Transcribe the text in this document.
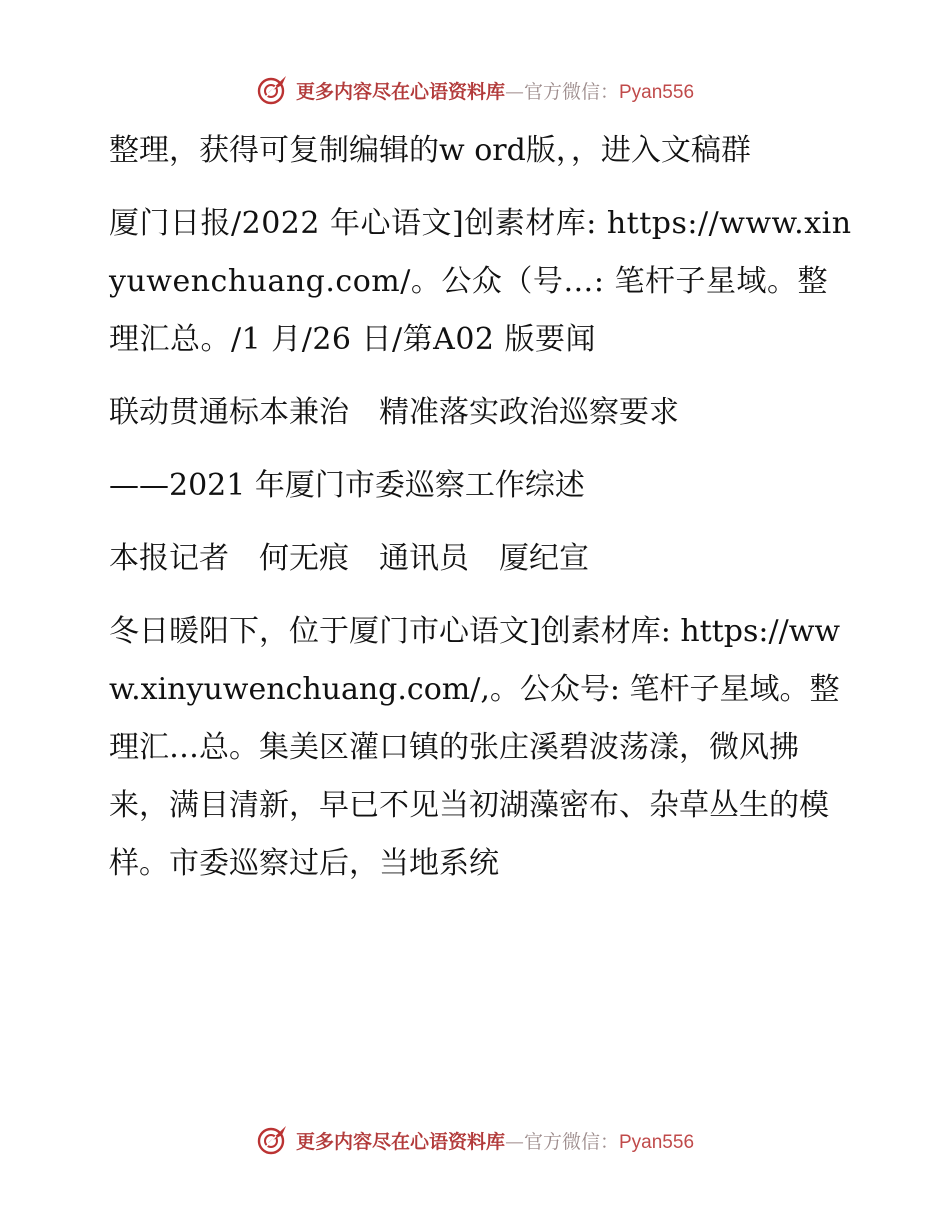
更多内容尽在心语资料库—官方微信：Pyan556

整理，获得可复制编辑的w ord版，，进入文稿群

厦门日报/2022 年心语文]创素材库: https://www.xinyuwenchuang.com/。公众（号…: 笔杆子星域。整理汇总。/1 月/26 日/第A02 版要闻

联动贯通标本兼治　精准落实政治巡察要求

——2021 年厦门市委巡察工作综述

本报记者　何无痕　通讯员　厦纪宣

冬日暖阳下，位于厦门市心语文]创素材库: https://www.xinyuwenchuang.com/,。公众号: 笔杆子星域。整理汇…总。集美区灌口镇的张庄溪碧波荡漾，微风拂来，满目清新，早已不见当初湖藻密布、杂草丛生的模样。市委巡察过后，当地系统

更多内容尽在心语资料库—官方微信：Pyan556
